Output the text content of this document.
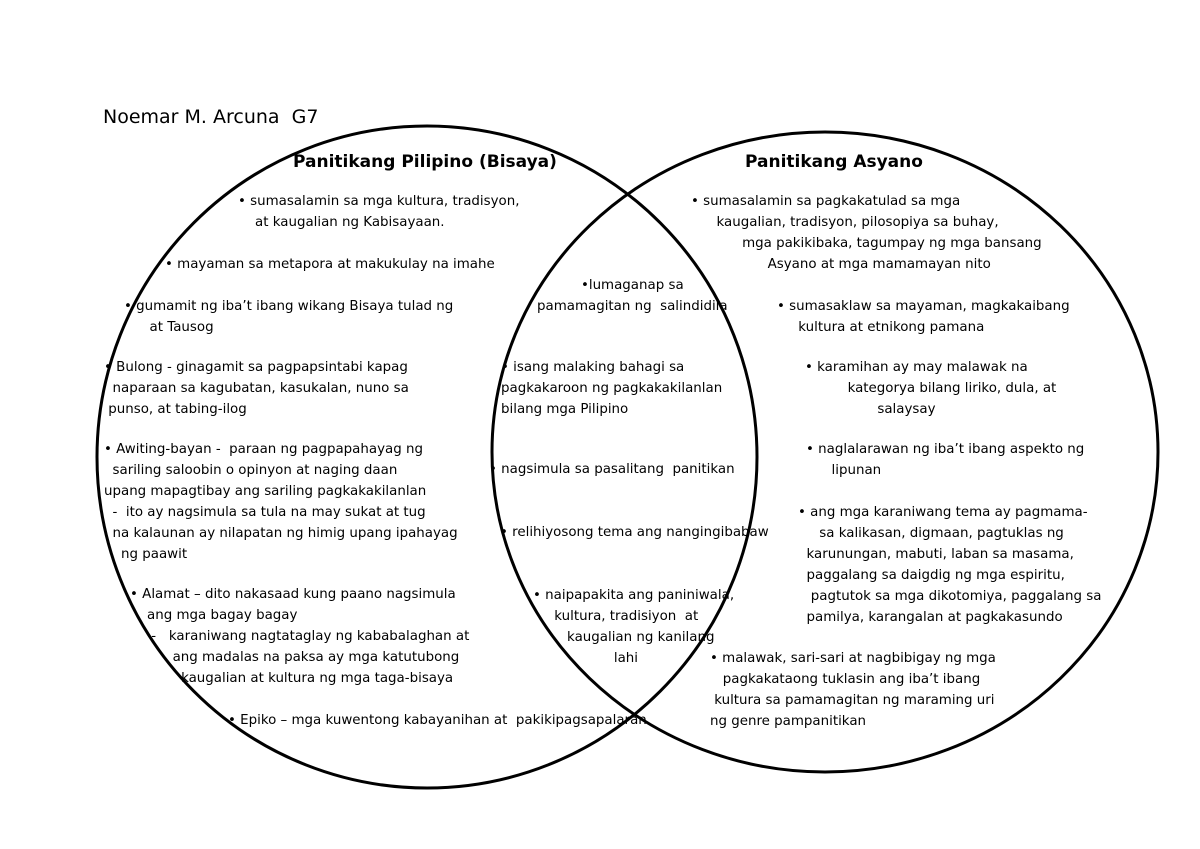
Noemar M. Arcuna  G7
Panitikang Pilipino (Bisaya)	Panitikang Asyano
• sumasalamin sa mga kultura, tradisyon,
at kaugalian ng Kabisayaan.
• mayaman sa metapora at makukulay na imahe
• gumamit ng iba’t ibang wikang Bisaya tulad ng
at Tausog
• Bulong - ginagamit sa pagpapsintabi kapag
naparaan sa kagubatan, kasukalan, nuno sa
punso, at tabing-ilog
• Awiting-bayan -  paraan ng pagpapahayag ng
sariling saloobin o opinyon at naging daan
upang mapagtibay ang sariling pagkakakilanlan
-  ito ay nagsimula sa tula na may sukat at tug
na kalaunan ay nilapatan ng himig upang ipahayag
ng paawit
• Alamat – dito nakasaad kung paano nagsimula
ang mga bagay bagay
-   karaniwang nagtataglay ng kababalaghan at
ang madalas na paksa ay mga katutubong
kaugalian at kultura ng mga taga-bisaya
• Epiko – mga kuwentong kabayanihan at  pakikipagsapalaran
•lumaganap sa
pamamagitan ng  salindidila
• isang malaking bahagi sa
pagkakaroon ng pagkakakilanlan
bilang mga Pilipino
• nagsimula sa pasalitang  panitikan
• relihiyosong tema ang nangingibabaw
• naipapakita ang paniniwala,
kultura, tradisiyon  at
kaugalian ng kanilang
lahi
• sumasalamin sa pagkakatulad sa mga
kaugalian, tradisyon, pilosopiya sa buhay,
mga pakikibaka, tagumpay ng mga bansang
Asyano at mga mamamayan nito
• sumasaklaw sa mayaman, magkakaibang
kultura at etnikong pamana
• karamihan ay may malawak na
kategorya bilang liriko, dula, at
salaysay
• naglalarawan ng iba’t ibang aspekto ng
lipunan
• ang mga karaniwang tema ay pagmama-
sa kalikasan, digmaan, pagtuklas ng
karunungan, mabuti, laban sa masama,
paggalang sa daigdig ng mga espiritu,
pagtutok sa mga dikotomiya, paggalang sa
pamilya, karangalan at pagkakasundo
• malawak, sari-sari at nagbibigay ng mga
pagkakataong tuklasin ang iba’t ibang
kultura sa pamamagitan ng maraming uri
ng genre pampanitikan
